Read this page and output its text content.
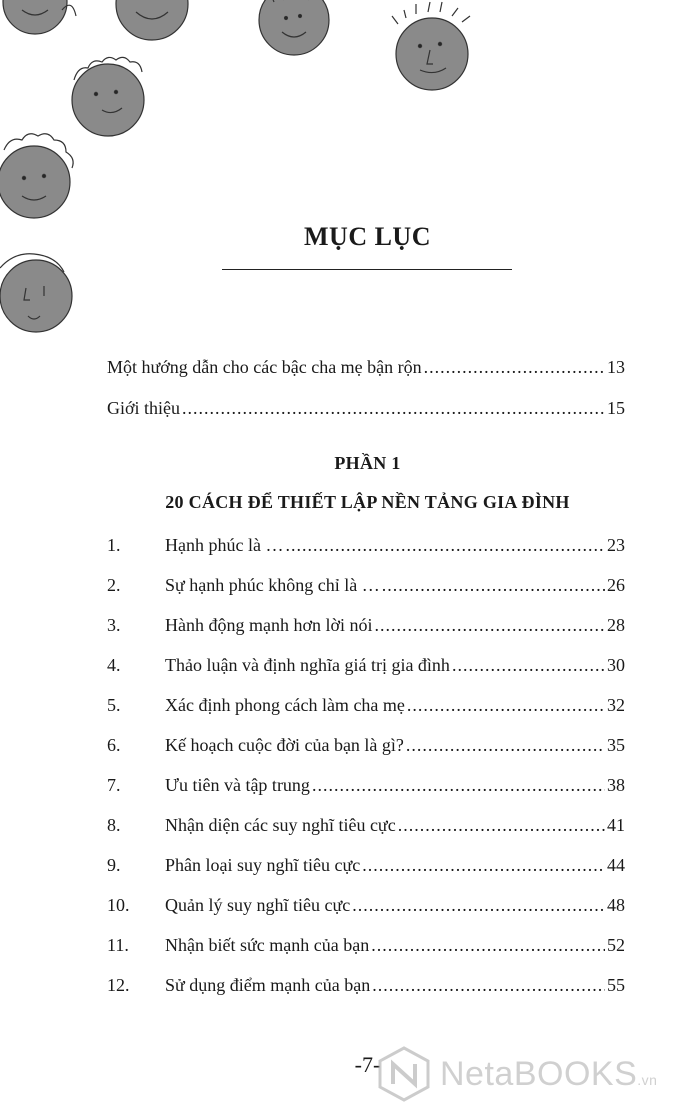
MỤC LỤC
Một hướng dẫn cho các bậc cha mẹ bận rộn .....	13
Giới thiệu .....	15
PHẦN 1
20 CÁCH ĐỂ THIẾT LẬP NỀN TẢNG GIA ĐÌNH
1.	Hạnh phúc là … .....	23
2.	Sự hạnh phúc không chỉ là … .....	26
3.	Hành động mạnh hơn lời nói .....	28
4.	Thảo luận và định nghĩa giá trị gia đình .....	30
5.	Xác định phong cách làm cha mẹ .....	32
6.	Kế hoạch cuộc đời của bạn là gì? .....	35
7.	Ưu tiên và tập trung .....	38
8.	Nhận diện các suy nghĩ tiêu cực .....	41
9.	Phân loại suy nghĩ tiêu cực .....	44
10.	Quản lý suy nghĩ tiêu cực .....	48
11.	Nhận biết sức mạnh của bạn .....	52
12.	Sử dụng điểm mạnh của bạn .....	55
-7-	NetaBOOKS.vn
